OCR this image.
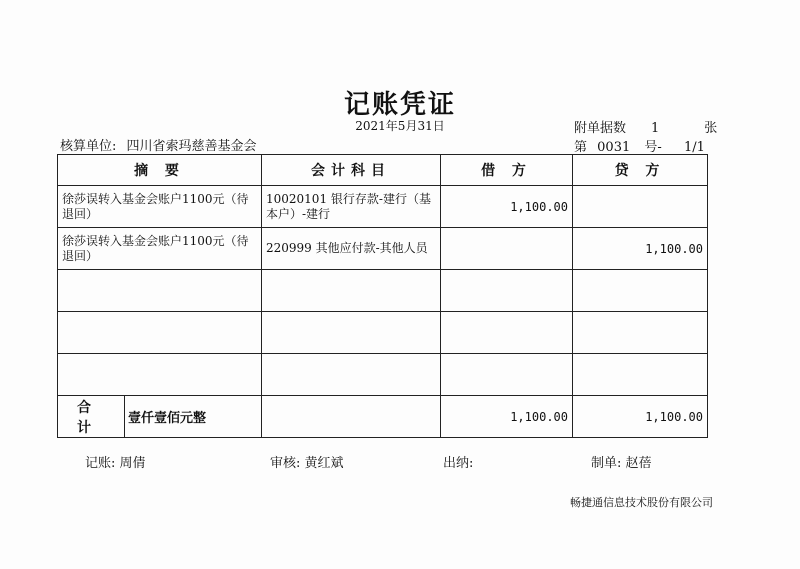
记账凭证
2021年5月31日
核算单位: 四川省索玛慈善基金会
附单据数 1	张
第 0031 号- 1/1
摘 要	会计科目	借 方	贷 方
徐莎误转入基金会账户1100元（待退回）	10020101 银行存款-建行（基本户）-建行	1,100.00	
徐莎误转入基金会账户1100元（待退回）	220999 其他应付款-其他人员		1,100.00

合 计
壹仟壹佰元整		1,100.00	1,100.00
记账: 周倩	审核: 黄红斌	出纳:	制单: 赵蓓
畅捷通信息技术股份有限公司
